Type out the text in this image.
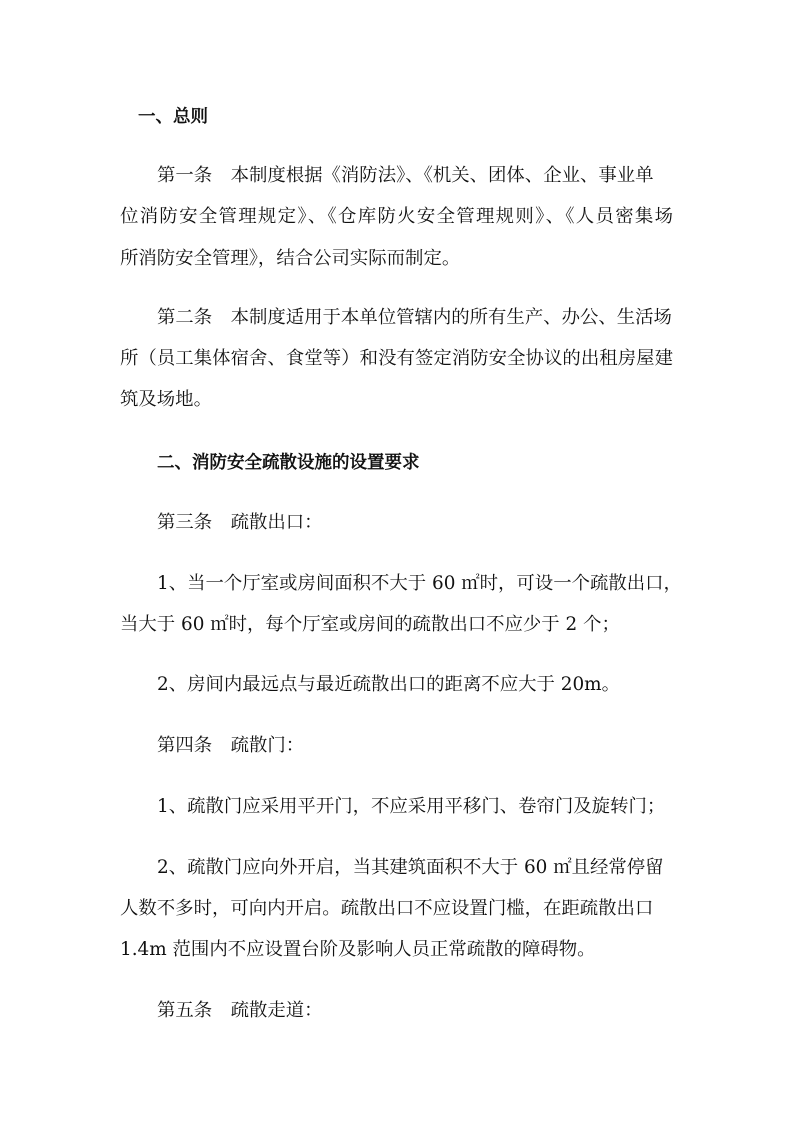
一、总则
第一条　本制度根据《消防法》、《机关、团体、企业、事业单
位消防安全管理规定》、《仓库防火安全管理规则》、《人员密集场
所消防安全管理》，结合公司实际而制定。
第二条　本制度适用于本单位管辖内的所有生产、办公、生活场
所（员工集体宿舍、食堂等）和没有签定消防安全协议的出租房屋建
筑及场地。
二、消防安全疏散设施的设置要求
第三条　疏散出口：
1、当一个厅室或房间面积不大于 60 ㎡时，可设一个疏散出口，
当大于 60 ㎡时，每个厅室或房间的疏散出口不应少于 2 个；
2、房间内最远点与最近疏散出口的距离不应大于 20m。
第四条　疏散门：
1、疏散门应采用平开门，不应采用平移门、卷帘门及旋转门；
2、疏散门应向外开启，当其建筑面积不大于 60 ㎡且经常停留
人数不多时，可向内开启。疏散出口不应设置门槛，在距疏散出口
1.4m 范围内不应设置台阶及影响人员正常疏散的障碍物。
第五条　疏散走道：
